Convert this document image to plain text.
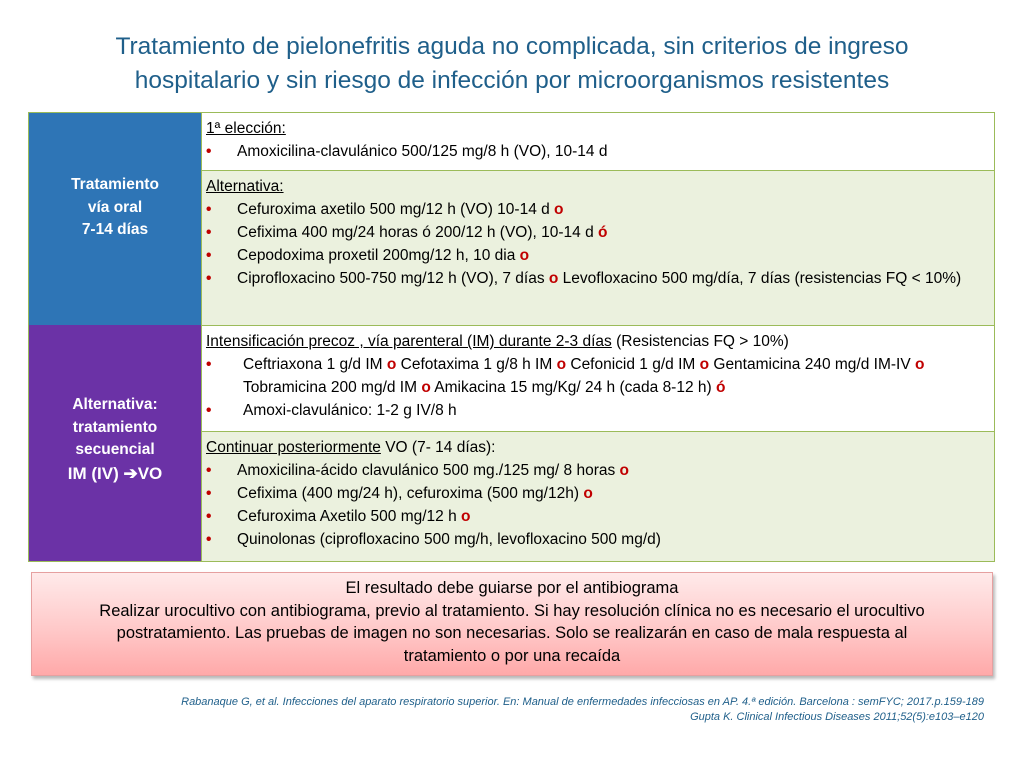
Tratamiento de pielonefritis aguda no complicada, sin criterios de ingreso
hospitalario y sin riesgo de infección por microorganismos resistentes
Tratamiento
vía oral
7-14 días
Alternativa:
tratamiento
secuencial
IM (IV) ➔VO
1ª elección:
• Amoxicilina-clavulánico 500/125 mg/8 h (VO), 10-14 d
Alternativa:
• Cefuroxima axetilo 500 mg/12 h (VO) 10-14 d o
• Cefixima 400 mg/24 horas ó 200/12 h (VO), 10-14 d ó
• Cepodoxima proxetil 200mg/12 h, 10 dia o
• Ciprofloxacino 500-750 mg/12 h (VO), 7 días o Levofloxacino 500 mg/día, 7 días (resistencias FQ < 10%)
Intensificación precoz , vía parenteral (IM) durante 2-3 días (Resistencias FQ > 10%)
• Ceftriaxona 1 g/d IM o Cefotaxima 1 g/8 h IM o Cefonicid 1 g/d IM o Gentamicina 240 mg/d IM-IV o Tobramicina 200 mg/d IM o Amikacina 15 mg/Kg/ 24 h (cada 8-12 h) ó
• Amoxi-clavulánico: 1-2 g IV/8 h
Continuar posteriormente VO (7- 14 días):
• Amoxicilina-ácido clavulánico 500 mg./125 mg/ 8 horas o
• Cefixima (400 mg/24 h), cefuroxima (500 mg/12h) o
• Cefuroxima Axetilo 500 mg/12 h o
• Quinolonas (ciprofloxacino 500 mg/h, levofloxacino 500 mg/d)
El resultado debe guiarse por el antibiograma
Realizar urocultivo con antibiograma, previo al tratamiento. Si hay resolución clínica no es necesario el urocultivo
postratamiento. Las pruebas de imagen no son necesarias. Solo se realizarán en caso de mala respuesta al
tratamiento o por una recaída
Rabanaque G, et al. Infecciones del aparato respiratorio superior. En: Manual de enfermedades infecciosas en AP. 4.ª edición. Barcelona : semFYC; 2017.p.159-189
Gupta K. Clinical Infectious Diseases 2011;52(5):e103–e120
